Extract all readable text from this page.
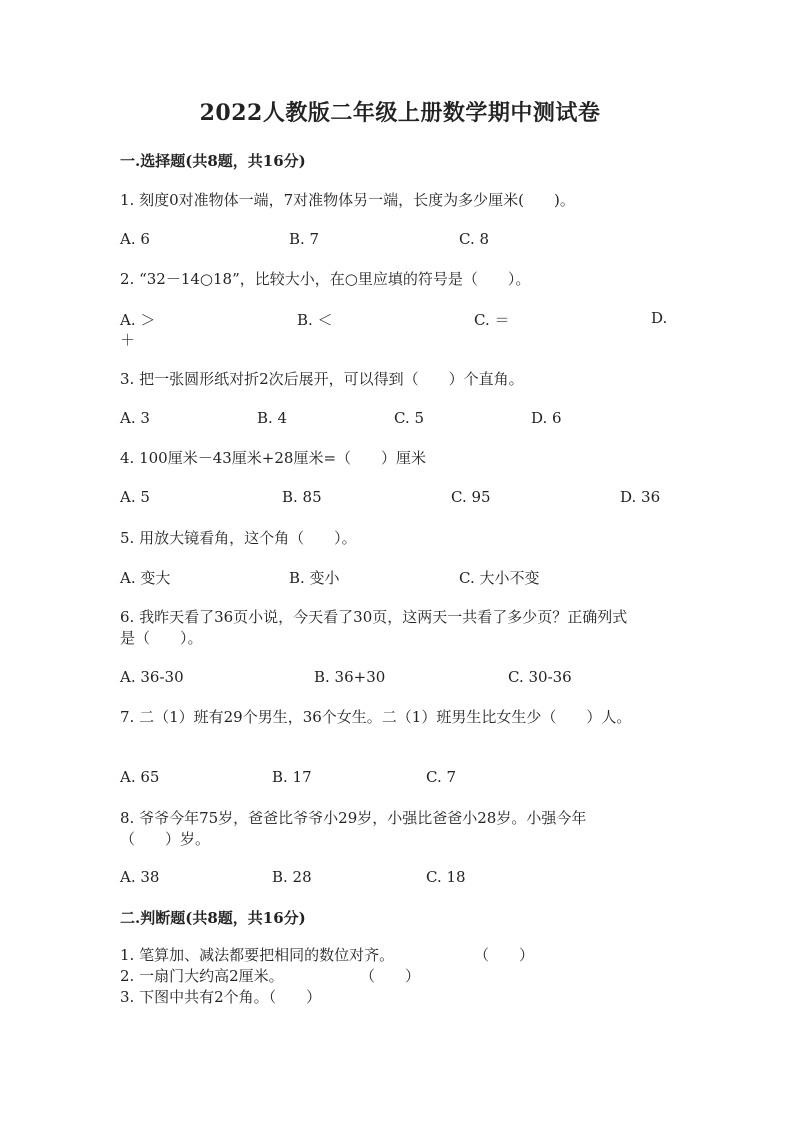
2022人教版二年级上册数学期中测试卷
一.选择题(共8题，共16分)
1. 刻度0对准物体一端，7对准物体另一端，长度为多少厘米(　　)。
A. 6	B. 7	C. 8
2. “32－14○18”，比较大小，在○里应填的符号是（　　）。
A. ＞	B. ＜	C. ＝	D.
＋
3. 把一张圆形纸对折2次后展开，可以得到（　　）个直角。
A. 3	B. 4	C. 5	D. 6
4. 100厘米－43厘米+28厘米=（　　）厘米
A. 5	B. 85	C. 95	D. 36
5. 用放大镜看角，这个角（　　）。
A. 变大	B. 变小	C. 大小不变
6. 我昨天看了36页小说，今天看了30页，这两天一共看了多少页？正确列式
是（　　）。
A. 36-30	B. 36+30	C. 30-36
7. 二（1）班有29个男生，36个女生。二（1）班男生比女生少（　　）人。
A. 65	B. 17	C. 7
8. 爷爷今年75岁，爸爸比爷爷小29岁，小强比爸爸小28岁。小强今年
（　　）岁。
A. 38	B. 28	C. 18
二.判断题(共8题，共16分)
1. 笔算加、减法都要把相同的数位对齐。	（　　）
2. 一扇门大约高2厘米。	（　　）
3. 下图中共有2个角。（　　）
